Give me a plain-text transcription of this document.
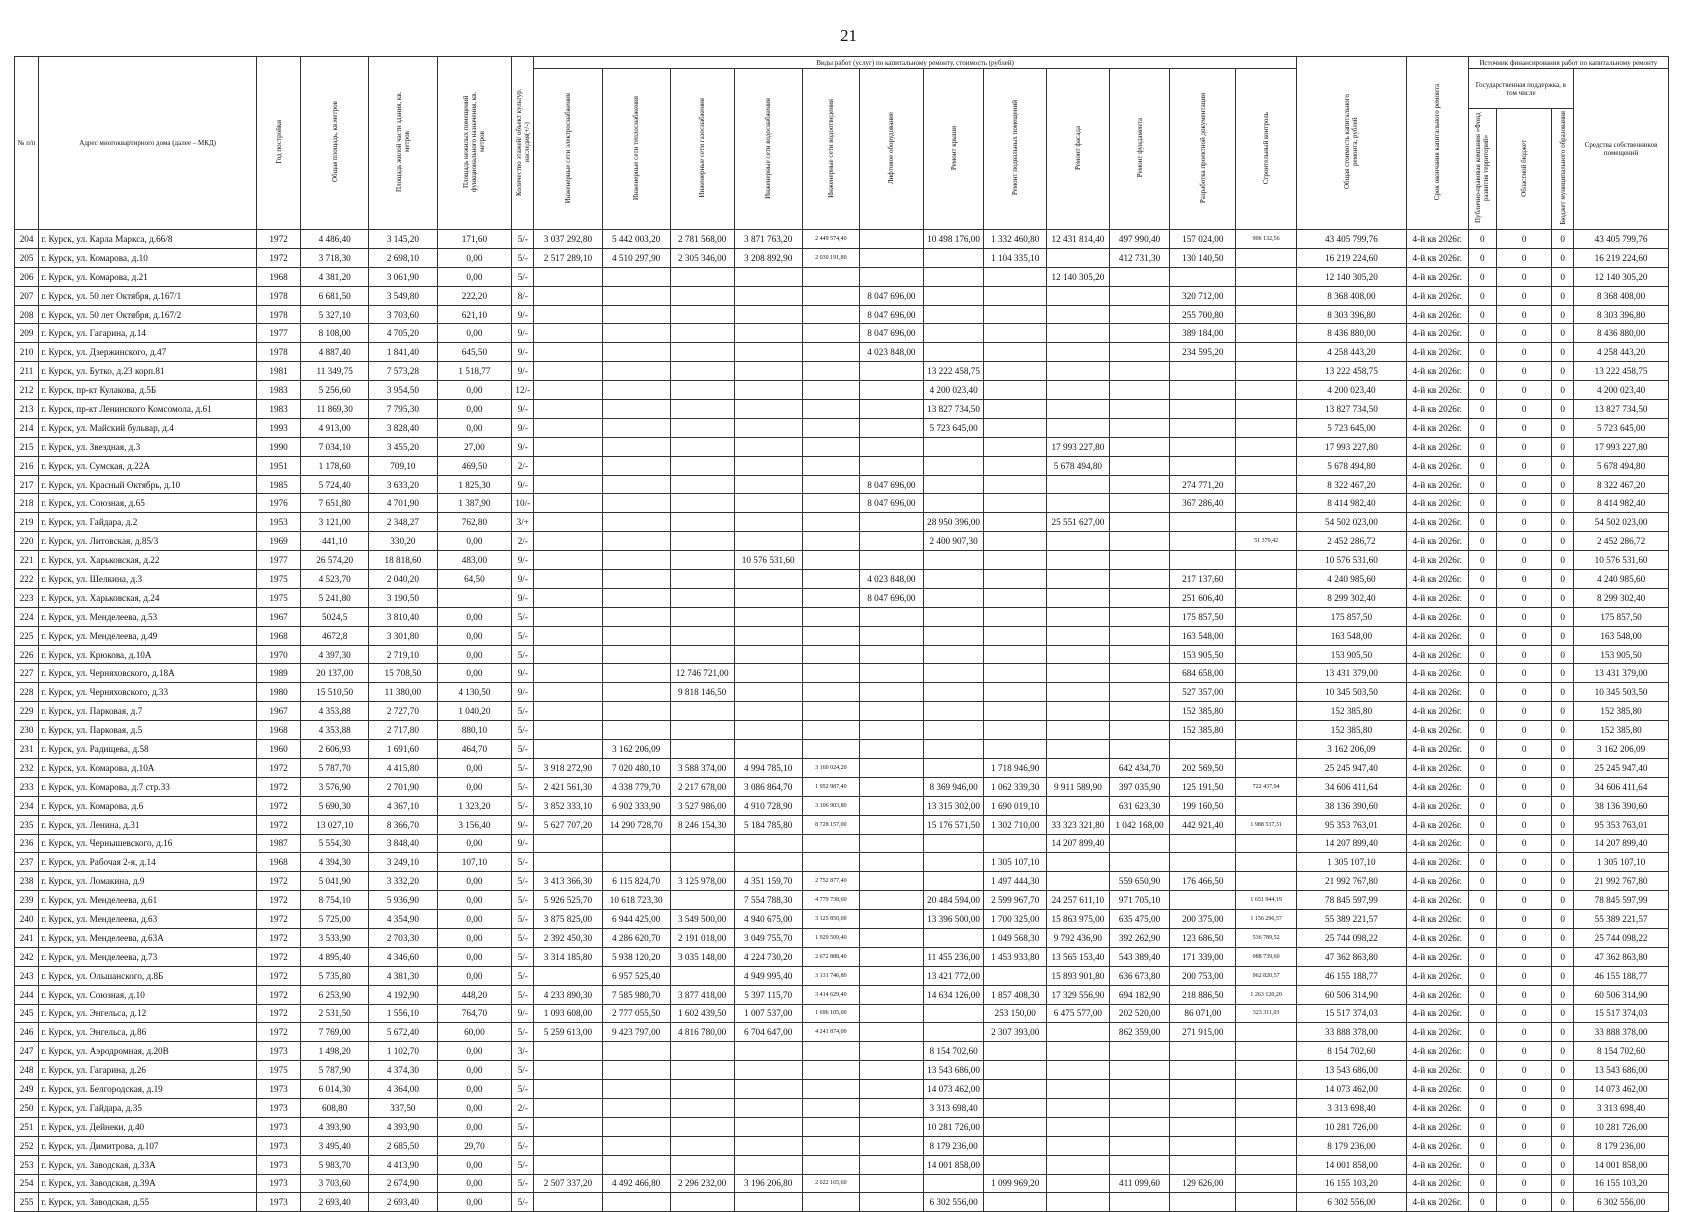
21
№ п/п	Адрес многоквартирного дома (далее – МКД)	Год постройки	Общая площадь, кв.метров	Площадь жилой части здания, кв. метров	Площадь нежилых помещений функционального назначения, кв. метров	Количество этажей/ объект культур. наследия(+/-)	Виды работ (услуг) по капитальному ремонту, стоимость (рублей)												Общая стоимость капитального ремонта, рублей	Срок окончания капитального ремонта	Источник финансирования работ по капитальному ремонту			
							Инженерные сети электроснабжения	Инженерные сети теплоснабжения	Инженерные сети газоснабжения	Инженерные сети водоснабжения	Инженерные сети водоотведения	Лифтовое оборудование	Ремонт крыши	Ремонт подвальных помещений	Ремонт фасада	Ремонт фундамента	Разработка проектной документации	Строительный контроль			Государственная поддержка, в том числе			Средства собственников помещений
																					Публично-правовая компания «Фонд развития территорий»	Областной бюджет	Бюджет муниципального образования	
204	г. Курск, ул. Карла Маркса, д.66/8	1972	4 486,40	3 145,20	171,60	5/-	3 037 292,80	5 442 003,20	2 781 568,00	3 871 763,20	2 449 574,40		10 498 176,00	1 332 460,80	12 431 814,40	497 990,40	157 024,00	906 132,56	43 405 799,76	4-й кв 2026г.	0	0	0	43 405 799,76
205	г. Курск, ул. Комарова, д.10	1972	3 718,30	2 698,10	0,00	5/-	2 517 289,10	4 510 297,90	2 305 346,00	3 208 892,90	2 030 191,80			1 104 335,10		412 731,30	130 140,50		16 219 224,60	4-й кв 2026г.	0	0	0	16 219 224,60
206	г. Курск, ул. Комарова, д.21	1968	4 381,20	3 061,90	0,00	5/-									12 140 305,20				12 140 305,20	4-й кв 2026г.	0	0	0	12 140 305,20
207	г. Курск, ул. 50 лет Октября, д.167/1	1978	6 681,50	3 549,80	222,20	8/-						8 047 696,00					320 712,00		8 368 408,00	4-й кв 2026г.	0	0	0	8 368 408,00
208	г. Курск, ул. 50 лет Октября, д.167/2	1978	5 327,10	3 703,60	621,10	9/-						8 047 696,00					255 700,80		8 303 396,80	4-й кв 2026г.	0	0	0	8 303 396,80
209	г. Курск, ул. Гагарина, д.14	1977	8 108,00	4 705,20	0,00	9/-						8 047 696,00					389 184,00		8 436 880,00	4-й кв 2026г.	0	0	0	8 436 880,00
210	г. Курск, ул. Дзержинского, д.47	1978	4 887,40	1 841,40	645,50	9/-						4 023 848,00					234 595,20		4 258 443,20	4-й кв 2026г.	0	0	0	4 258 443,20
211	г. Курск, ул. Бутко, д.23 корп.81	1981	11 349,75	7 573,28	1 518,77	9/-							13 222 458,75						13 222 458,75	4-й кв 2026г.	0	0	0	13 222 458,75
212	г. Курск, пр-кт Кулакова, д.5Б	1983	5 256,60	3 954,50	0,00	12/-							4 200 023,40						4 200 023,40	4-й кв 2026г.	0	0	0	4 200 023,40
213	г. Курск, пр-кт Ленинского Комсомола, д.61	1983	11 869,30	7 795,30	0,00	9/-							13 827 734,50						13 827 734,50	4-й кв 2026г.	0	0	0	13 827 734,50
214	г. Курск, ул. Майский бульвар, д.4	1993	4 913,00	3 828,40	0,00	9/-							5 723 645,00						5 723 645,00	4-й кв 2026г.	0	0	0	5 723 645,00
215	г. Курск, ул. Звездная, д.3	1990	7 034,10	3 455,20	27,00	9/-									17 993 227,80				17 993 227,80	4-й кв 2026г.	0	0	0	17 993 227,80
216	г. Курск, ул. Сумская, д.22А	1951	1 178,60	709,10	469,50	2/-									5 678 494,80				5 678 494,80	4-й кв 2026г.	0	0	0	5 678 494,80
217	г. Курск, ул. Красный Октябрь, д.10	1985	5 724,40	3 633,20	1 825,30	9/-						8 047 696,00					274 771,20		8 322 467,20	4-й кв 2026г.	0	0	0	8 322 467,20
218	г. Курск, ул. Союзная, д.65	1976	7 651,80	4 701,90	1 387,90	10/-						8 047 696,00					367 286,40		8 414 982,40	4-й кв 2026г.	0	0	0	8 414 982,40
219	г. Курск, ул. Гайдара, д.2	1953	3 121,00	2 348,27	762,80	3/+							28 950 396,00		25 551 627,00				54 502 023,00	4-й кв 2026г.	0	0	0	54 502 023,00
220	г. Курск, ул. Литовская, д.85/3	1969	441,10	330,20	0,00	2/-							2 400 907,30					51 379,42	2 452 286,72	4-й кв 2026г.	0	0	0	2 452 286,72
221	г. Курск, ул. Харьковская, д.22	1977	26 574,20	18 818,60	483,00	9/-				10 576 531,60									10 576 531,60	4-й кв 2026г.	0	0	0	10 576 531,60
222	г. Курск, ул. Шелкина, д.3	1975	4 523,70	2 040,20	64,50	9/-						4 023 848,00					217 137,60		4 240 985,60	4-й кв 2026г.	0	0	0	4 240 985,60
223	г. Курск, ул. Харьковская, д.24	1975	5 241,80	3 190,50		9/-						8 047 696,00					251 606,40		8 299 302,40	4-й кв 2026г.	0	0	0	8 299 302,40
224	г. Курск, ул. Менделеева, д.53	1967	5024,5	3 810,40	0,00	5/-											175 857,50		175 857,50	4-й кв 2026г.	0	0	0	175 857,50
225	г. Курск, ул. Менделеева, д.49	1968	4672,8	3 301,80	0,00	5/-											163 548,00		163 548,00	4-й кв 2026г.	0	0	0	163 548,00
226	г. Курск, ул. Крюкова, д.10А	1970	4 397,30	2 719,10	0,00	5/-											153 905,50		153 905,50	4-й кв 2026г.	0	0	0	153 905,50
227	г. Курск, ул. Черняховского, д.18А	1989	20 137,00	15 708,50	0,00	9/-			12 746 721,00								684 658,00		13 431 379,00	4-й кв 2026г.	0	0	0	13 431 379,00
228	г. Курск, ул. Черняховского, д.33	1980	15 510,50	11 380,00	4 130,50	9/-			9 818 146,50								527 357,00		10 345 503,50	4-й кв 2026г.	0	0	0	10 345 503,50
229	г. Курск, ул. Парковая, д.7	1967	4 353,88	2 727,70	1 040,20	5/-											152 385,80		152 385,80	4-й кв 2026г.	0	0	0	152 385,80
230	г. Курск, ул. Парковая, д.5	1968	4 353,88	2 717,80	880,10	5/-											152 385,80		152 385,80	4-й кв 2026г.	0	0	0	152 385,80
231	г. Курск, ул. Радищева, д.58	1960	2 606,93	1 691,60	464,70	5/-		3 162 206,09											3 162 206,09	4-й кв 2026г.	0	0	0	3 162 206,09
232	г. Курск, ул. Комарова, д.10А	1972	5 787,70	4 415,80	0,00	5/-	3 918 272,90	7 020 480,10	3 588 374,00	4 994 785,10	3 160 024,20			1 718 946,90		642 434,70	202 569,50		25 245 947,40	4-й кв 2026г.	0	0	0	25 245 947,40
233	г. Курск, ул. Комарова, д.7 стр.33	1972	3 576,90	2 701,90	0,00	5/-	2 421 561,30	4 338 779,70	2 217 678,00	3 086 864,70	1 952 987,40		8 369 946,00	1 062 339,30	9 911 589,90	397 035,90	125 191,50	722 437,94	34 606 411,64	4-й кв 2026г.	0	0	0	34 606 411,64
234	г. Курск, ул. Комарова, д.6	1972	5 690,30	4 367,10	1 323,20	5/-	3 852 333,10	6 902 333,90	3 527 986,00	4 910 728,90	3 106 903,80		13 315 302,00	1 690 019,10		631 623,30	199 160,50		38 136 390,60	4-й кв 2026г.	0	0	0	38 136 390,60
235	г. Курск, ул. Ленина, д.31	1972	13 027,10	8 366,70	3 156,40	9/-	5 627 707,20	14 290 728,70	8 246 154,30	5 184 785,80	8 728 157,00		15 176 571,50	1 302 710,00	33 323 321,80	1 042 168,00	442 921,40	1 988 537,31	95 353 763,01	4-й кв 2026г.	0	0	0	95 353 763,01
236	г. Курск, ул. Чернышевского, д.16	1987	5 554,30	3 848,40	0,00	9/-									14 207 899,40				14 207 899,40	4-й кв 2026г.	0	0	0	14 207 899,40
237	г. Курск, ул. Рабочая 2-я, д.14	1968	4 394,30	3 249,10	107,10	5/-								1 305 107,10					1 305 107,10	4-й кв 2026г.	0	0	0	1 305 107,10
238	г. Курск, ул. Ломакина, д.9	1972	5 041,90	3 332,20	0,00	5/-	3 413 366,30	6 115 824,70	3 125 978,00	4 351 159,70	2 752 877,40			1 497 444,30		559 650,90	176 466,50		21 992 767,80	4-й кв 2026г.	0	0	0	21 992 767,80
239	г. Курск, ул. Менделеева, д.61	1972	8 754,10	5 936,90	0,00	5/-	5 926 525,70	10 618 723,30		7 554 788,30	4 779 738,60		20 484 594,00	2 599 967,70	24 257 611,10	971 705,10		1 651 944,19	78 845 597,99	4-й кв 2026г.	0	0	0	78 845 597,99
240	г. Курск, ул. Менделеева, д.63	1972	5 725,00	4 354,90	0,00	5/-	3 875 825,00	6 944 425,00	3 549 500,00	4 940 675,00	3 125 850,00		13 396 500,00	1 700 325,00	15 863 975,00	635 475,00	200 375,00	1 156 296,57	55 389 221,57	4-й кв 2026г.	0	0	0	55 389 221,57
241	г. Курск, ул. Менделеева, д.63А	1972	3 533,90	2 703,30	0,00	5/-	2 392 450,30	4 286 620,70	2 191 018,00	3 049 755,70	1 929 509,40			1 049 568,30	9 792 436,90	392 262,90	123 686,50	536 789,52	25 744 098,22	4-й кв 2026г.	0	0	0	25 744 098,22
242	г. Курск, ул. Менделеева, д.73	1972	4 895,40	4 346,60	0,00	5/-	3 314 185,80	5 938 120,20	3 035 148,00	4 224 730,20	2 672 888,40		11 455 236,00	1 453 933,80	13 565 153,40	543 389,40	171 339,00	988 739,60	47 362 863,80	4-й кв 2026г.	0	0	0	47 362 863,80
243	г. Курск, ул. Ольшанского, д.8Б	1972	5 735,80	4 381,30	0,00	5/-		6 957 525,40		4 949 995,40	3 131 746,80		13 421 772,00		15 893 901,80	636 673,80	200 753,00	962 820,57	46 155 188,77	4-й кв 2026г.	0	0	0	46 155 188,77
244	г. Курск, ул. Союзная, д.10	1972	6 253,90	4 192,90	448,20	5/-	4 233 890,30	7 585 980,70	3 877 418,00	5 397 115,70	3 414 629,40		14 634 126,00	1 857 408,30	17 329 556,90	694 182,90	218 886,50	1 263 120,20	60 506 314,90	4-й кв 2026г.	0	0	0	60 506 314,90
245	г. Курск, ул. Энгельса, д.12	1972	2 531,50	1 556,10	764,70	9/-	1 093 608,00	2 777 055,50	1 602 439,50	1 007 537,00	1 696 105,00			253 150,00	6 475 577,00	202 520,00	86 071,00	323 311,03	15 517 374,03	4-й кв 2026г.	0	0	0	15 517 374,03
246	г. Курск, ул. Энгельса, д.86	1972	7 769,00	5 672,40	60,00	5/-	5 259 613,00	9 423 797,00	4 816 780,00	6 704 647,00	4 241 874,00			2 307 393,00		862 359,00	271 915,00		33 888 378,00	4-й кв 2026г.	0	0	0	33 888 378,00
247	г. Курск, ул. Аэродромная, д.20В	1973	1 498,20	1 102,70	0,00	3/-							8 154 702,60						8 154 702,60	4-й кв 2026г.	0	0	0	8 154 702,60
248	г. Курск, ул. Гагарина, д.26	1975	5 787,90	4 374,30	0,00	5/-							13 543 686,00						13 543 686,00	4-й кв 2026г.	0	0	0	13 543 686,00
249	г. Курск, ул. Белгородская, д.19	1973	6 014,30	4 364,00	0,00	5/-							14 073 462,00						14 073 462,00	4-й кв 2026г.	0	0	0	14 073 462,00
250	г. Курск, ул. Гайдара, д.35	1973	608,80	337,50	0,00	2/-							3 313 698,40						3 313 698,40	4-й кв 2026г.	0	0	0	3 313 698,40
251	г. Курск, ул. Дейнеки, д.40	1973	4 393,90	4 393,90	0,00	5/-							10 281 726,00						10 281 726,00	4-й кв 2026г.	0	0	0	10 281 726,00
252	г. Курск, ул. Димитрова, д.107	1973	3 495,40	2 685,50	29,70	5/-							8 179 236,00						8 179 236,00	4-й кв 2026г.	0	0	0	8 179 236,00
253	г. Курск, ул. Заводская, д.33А	1973	5 983,70	4 413,90	0,00	5/-							14 001 858,00						14 001 858,00	4-й кв 2026г.	0	0	0	14 001 858,00
254	г. Курск, ул. Заводская, д.39А	1973	3 703,60	2 674,90	0,00	5/-	2 507 337,20	4 492 466,80	2 296 232,00	3 196 206,80	2 022 165,60			1 099 969,20		411 099,60	129 626,00		16 155 103,20	4-й кв 2026г.	0	0	0	16 155 103,20
255	г. Курск, ул. Заводская, д.55	1973	2 693,40	2 693,40	0,00	5/-							6 302 556,00						6 302 556,00	4-й кв 2026г.	0	0	0	6 302 556,00
